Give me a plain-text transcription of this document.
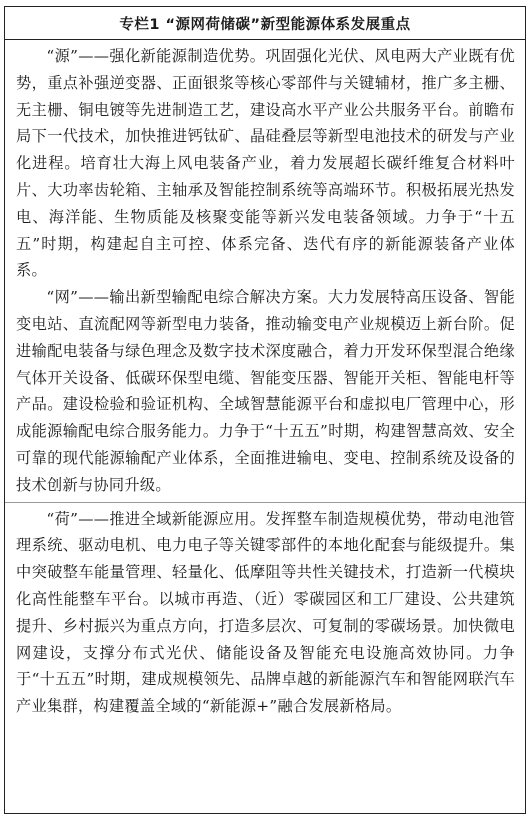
专栏1 “源网荷储碳”新型能源体系发展重点

“源”——强化新能源制造优势。巩固强化光伏、风电两大产业既有优势，重点补强逆变器、正面银浆等核心零部件与关键辅材，推广多主栅、无主栅、铜电镀等先进制造工艺，建设高水平产业公共服务平台。前瞻布局下一代技术，加快推进钙钛矿、晶硅叠层等新型电池技术的研发与产业化进程。培育壮大海上风电装备产业，着力发展超长碳纤维复合材料叶片、大功率齿轮箱、主轴承及智能控制系统等高端环节。积极拓展光热发电、海洋能、生物质能及核聚变能等新兴发电装备领域。力争于“十五五”时期，构建起自主可控、体系完备、迭代有序的新能源装备产业体系。

“网”——输出新型输配电综合解决方案。大力发展特高压设备、智能变电站、直流配网等新型电力装备，推动输变电产业规模迈上新台阶。促进输配电装备与绿色理念及数字技术深度融合，着力开发环保型混合绝缘气体开关设备、低碳环保型电缆、智能变压器、智能开关柜、智能电杆等产品。建设检验和验证机构、全域智慧能源平台和虚拟电厂管理中心，形成能源输配电综合服务能力。力争于“十五五”时期，构建智慧高效、安全可靠的现代能源输配产业体系，全面推进输电、变电、控制系统及设备的技术创新与协同升级。

“荷”——推进全域新能源应用。发挥整车制造规模优势，带动电池管理系统、驱动电机、电力电子等关键零部件的本地化配套与能级提升。集中突破整车能量管理、轻量化、低摩阻等共性关键技术，打造新一代模块化高性能整车平台。以城市再造、（近）零碳园区和工厂建设、公共建筑提升、乡村振兴为重点方向，打造多层次、可复制的零碳场景。加快微电网建设，支撑分布式光伏、储能设备及智能充电设施高效协同。力争于“十五五”时期，建成规模领先、品牌卓越的新能源汽车和智能网联汽车产业集群，构建覆盖全域的“新能源+”融合发展新格局。
